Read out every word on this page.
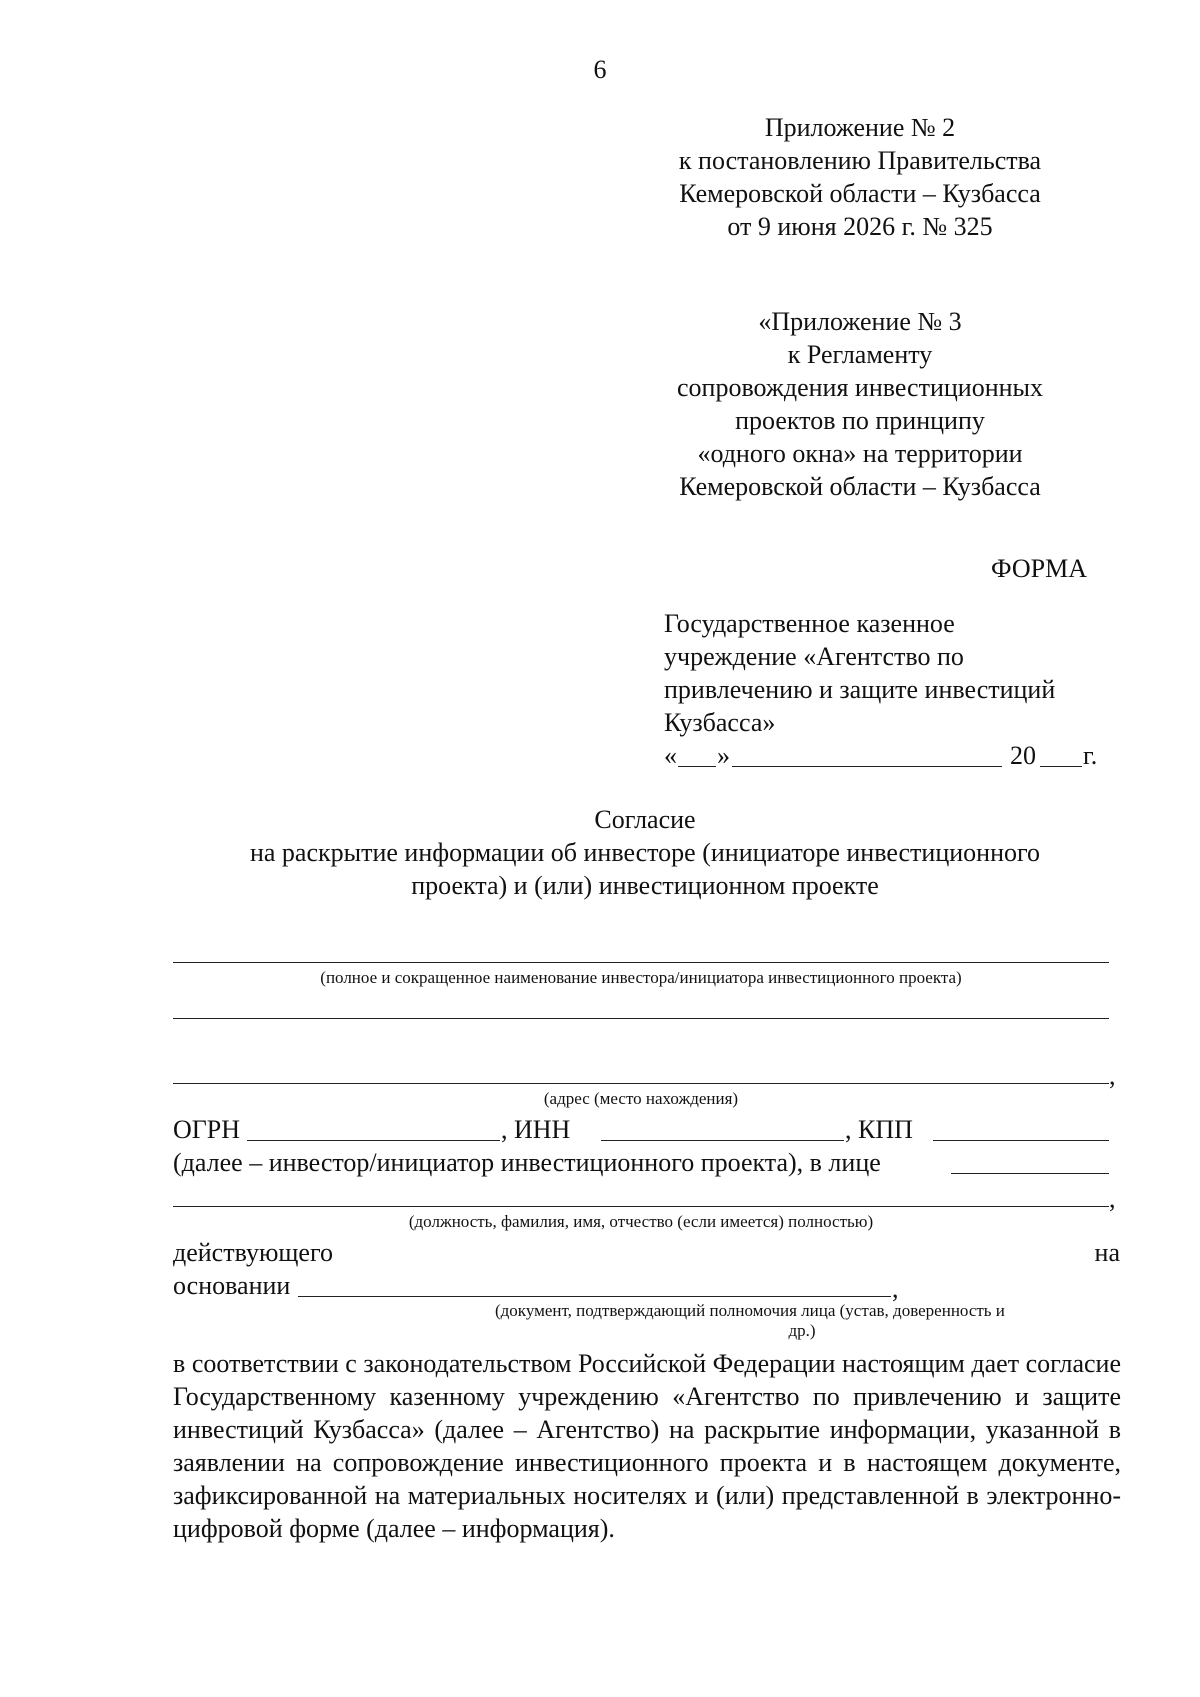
6
Приложение № 2
к постановлению Правительства
Кемеровской области – Кузбасса
от 9 июня 2026 г. № 325
«Приложение № 3
к Регламенту
сопровождения инвестиционных
проектов по принципу
«одного окна» на территории
Кемеровской области – Кузбасса
ФОРМА
Государственное казенное
учреждение «Агентство по
привлечению и защите инвестиций
Кузбасса»
« »	20 г.
Согласие
на раскрытие информации об инвесторе (инициаторе инвестиционного
проекта) и (или) инвестиционном проекте
(полное и сокращенное наименование инвестора/инициатора инвестиционного проекта)
,
(адрес (место нахождения)
ОГРН	, ИНН	, КПП
(далее – инвестор/инициатор инвестиционного проекта), в лице
,
(должность, фамилия, имя, отчество (если имеется) полностью)
действующего	на
основании	,
(документ, подтверждающий полномочия лица (устав, доверенность и
др.)
в соответствии с законодательством Российской Федерации настоящим дает согласие Государственному казенному учреждению «Агентство по привлечению и защите инвестиций Кузбасса» (далее – Агентство) на раскрытие информации, указанной в заявлении на сопровождение инвестиционного проекта и в настоящем документе, зафиксированной на материальных носителях и (или) представленной в электронно-цифровой форме (далее – информация).
